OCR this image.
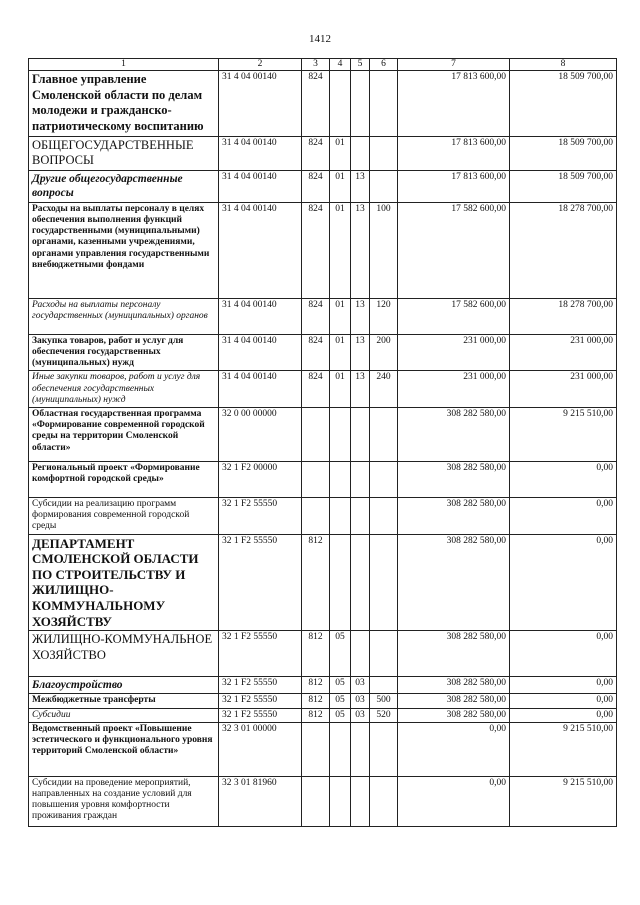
1412
1	2	3	4	5	6	7	8
Главное управление Смоленской области по делам молодежи и гражданско-патриотическому воспитанию	31 4 04 00140	824				17 813 600,00	18 509 700,00
ОБЩЕГОСУДАРСТВЕННЫЕ ВОПРОСЫ	31 4 04 00140	824	01			17 813 600,00	18 509 700,00
Другие общегосударственные вопросы	31 4 04 00140	824	01	13		17 813 600,00	18 509 700,00
Расходы на выплаты персоналу в целях обеспечения выполнения функций государственными (муниципальными) органами, казенными учреждениями, органами управления государственными внебюджетными фондами	31 4 04 00140	824	01	13	100	17 582 600,00	18 278 700,00
Расходы на выплаты персоналу государственных (муниципальных) органов	31 4 04 00140	824	01	13	120	17 582 600,00	18 278 700,00
Закупка товаров, работ и услуг для обеспечения государственных (муниципальных) нужд	31 4 04 00140	824	01	13	200	231 000,00	231 000,00
Иные закупки товаров, работ и услуг для обеспечения государственных (муниципальных) нужд	31 4 04 00140	824	01	13	240	231 000,00	231 000,00
Областная государственная программа «Формирование современной городской среды на территории Смоленской области»	32 0 00 00000					308 282 580,00	9 215 510,00
Региональный проект «Формирование комфортной городской среды»	32 1 F2 00000					308 282 580,00	0,00
Субсидии на реализацию программ формирования современной городской среды	32 1 F2 55550					308 282 580,00	0,00
ДЕПАРТАМЕНТ СМОЛЕНСКОЙ ОБЛАСТИ ПО СТРОИТЕЛЬСТВУ И ЖИЛИЩНО-КОММУНАЛЬНОМУ ХОЗЯЙСТВУ	32 1 F2 55550	812				308 282 580,00	0,00
ЖИЛИЩНО-КОММУНАЛЬНОЕ ХОЗЯЙСТВО	32 1 F2 55550	812	05			308 282 580,00	0,00
Благоустройство	32 1 F2 55550	812	05	03		308 282 580,00	0,00
Межбюджетные трансферты	32 1 F2 55550	812	05	03	500	308 282 580,00	0,00
Субсидии	32 1 F2 55550	812	05	03	520	308 282 580,00	0,00
Ведомственный проект «Повышение эстетического и функционального уровня территорий Смоленской области»	32 3 01 00000					0,00	9 215 510,00
Субсидии на проведение мероприятий, направленных на создание условий для повышения уровня комфортности проживания граждан	32 3 01 81960					0,00	9 215 510,00
